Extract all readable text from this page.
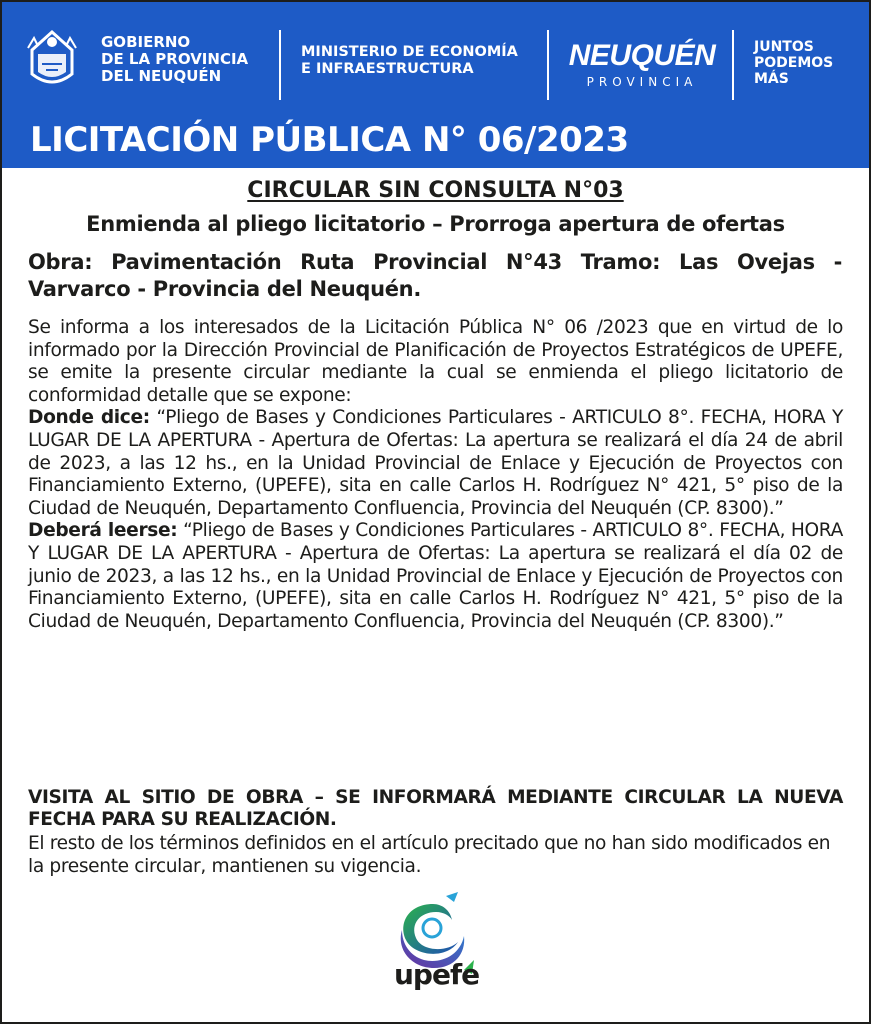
GOBIERNO
DE LA PROVINCIA
DEL NEUQUÉN
MINISTERIO DE ECONOMÍA
E INFRAESTRUCTURA	NEUQUÉN
PROVINCIA
JUNTOS
PODEMOS
MÁS
LICITACIÓN PÚBLICA N° 06/2023
CIRCULAR SIN CONSULTA N°03
Enmienda al pliego licitatorio – Prorroga apertura de ofertas
Obra: Pavimentación Ruta Provincial N°43 Tramo: Las Ovejas - Varvarco - Provincia del Neuquén.

Se informa a los interesados de la Licitación Pública N° 06 /2023 que en virtud de lo informado por la Dirección Provincial de Planificación de Proyectos Estratégicos de UPEFE, se emite la presente circular mediante la cual se enmienda el pliego licitatorio de conformidad detalle que se expone:

Donde dice: “Pliego de Bases y Condiciones Particulares - ARTICULO 8°. FECHA, HORA Y LUGAR DE LA APERTURA - Apertura de Ofertas: La apertura se realizará el día 24 de abril de 2023, a las 12 hs., en la Unidad Provincial de Enlace y Ejecución de Proyectos con Financiamiento Externo, (UPEFE), sita en calle Carlos H. Rodríguez N° 421, 5° piso de la Ciudad de Neuquén, Departamento Confluencia, Provincia del Neuquén (CP. 8300).”

Deberá leerse: “Pliego de Bases y Condiciones Particulares - ARTICULO 8°. FECHA, HORA Y LUGAR DE LA APERTURA - Apertura de Ofertas: La apertura se realizará el día 02 de junio de 2023, a las 12 hs., en la Unidad Provincial de Enlace y Ejecución de Proyectos con Financiamiento Externo, (UPEFE), sita en calle Carlos H. Rodríguez N° 421, 5° piso de la Ciudad de Neuquén, Departamento Confluencia, Provincia del Neuquén (CP. 8300).”

VISITA AL SITIO DE OBRA – SE INFORMARÁ MEDIANTE CIRCULAR LA NUEVA FECHA PARA SU REALIZACIÓN.
El resto de los términos definidos en el artículo precitado que no han sido modificados en la presente circular, mantienen su vigencia.
upefe
